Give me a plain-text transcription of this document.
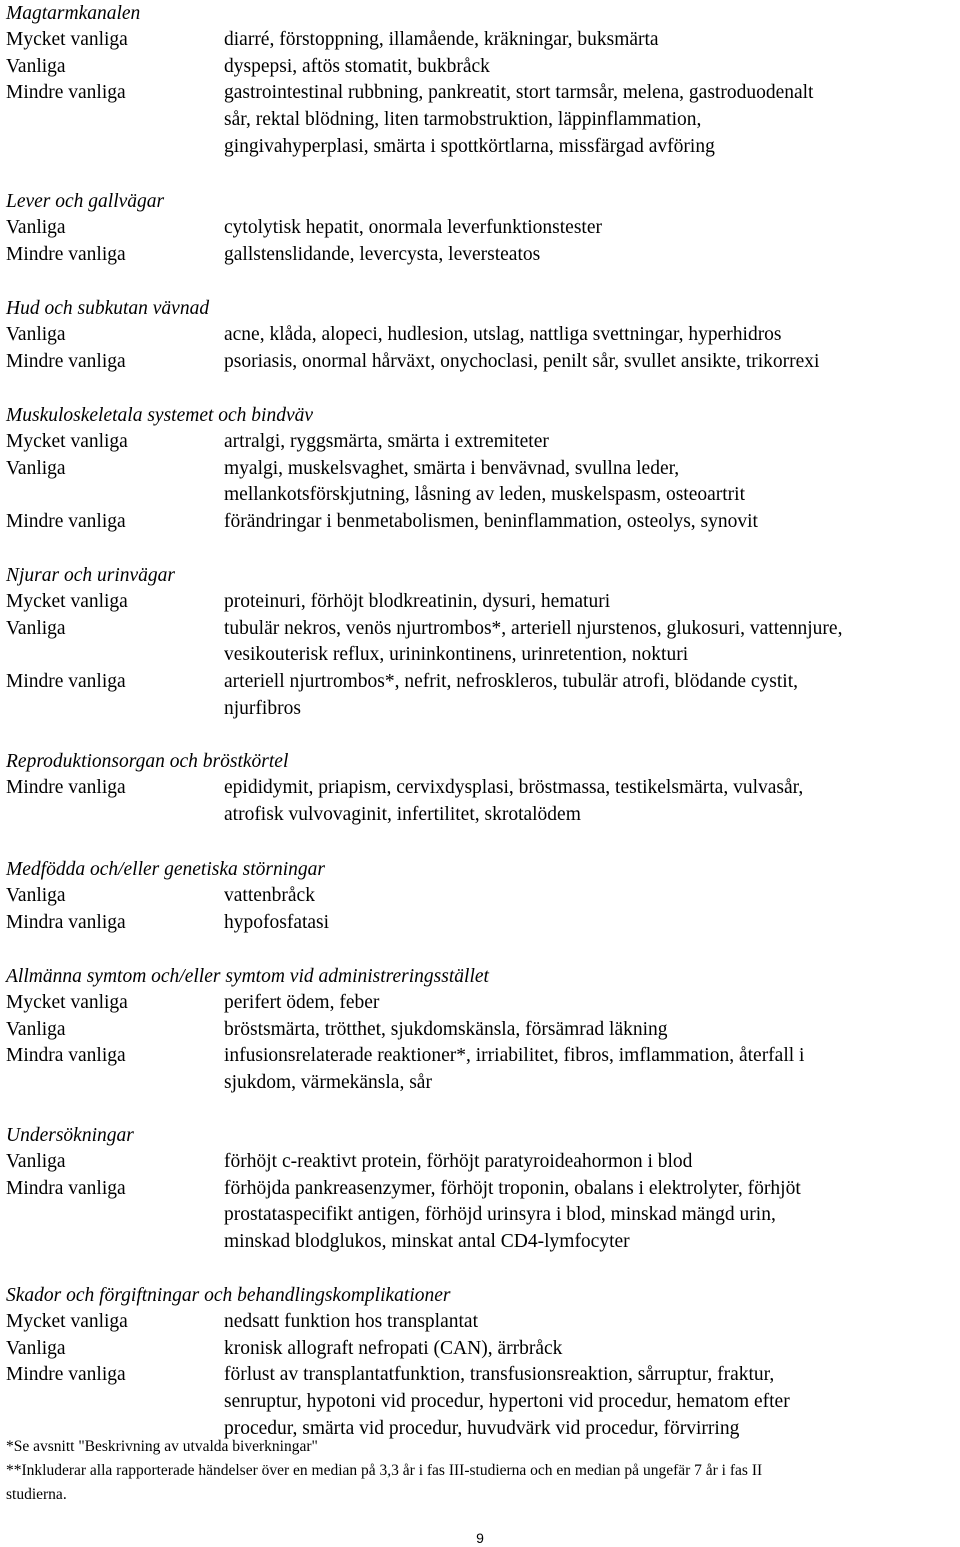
Magtarmkanalen
Mycket vanliga	diarré, förstoppning, illamående, kräkningar, buksmärta
Vanliga	dyspepsi, aftös stomatit, bukbråck
Mindre vanliga	gastrointestinal rubbning, pankreatit, stort tarmsår, melena, gastroduodenalt
sår, rektal blödning, liten tarmobstruktion, läppinflammation,
gingivahyperplasi, smärta i spottkörtlarna, missfärgad avföring
Lever och gallvägar
Vanliga	cytolytisk hepatit, onormala leverfunktionstester
Mindre vanliga	gallstenslidande, levercysta, leversteatos
Hud och subkutan vävnad
Vanliga	acne, klåda, alopeci, hudlesion, utslag, nattliga svettningar, hyperhidros
Mindre vanliga	psoriasis, onormal hårväxt, onychoclasi, penilt sår, svullet ansikte, trikorrexi
Muskuloskeletala systemet och bindväv
Mycket vanliga	artralgi, ryggsmärta, smärta i extremiteter
Vanliga	myalgi, muskelsvaghet, smärta i benvävnad, svullna leder,
mellankotsförskjutning, låsning av leden, muskelspasm, osteoartrit
Mindre vanliga	förändringar i benmetabolismen, beninflammation, osteolys, synovit
Njurar och urinvägar
Mycket vanliga	proteinuri, förhöjt blodkreatinin, dysuri, hematuri
Vanliga	tubulär nekros, venös njurtrombos*, arteriell njurstenos, glukosuri, vattennjure,
vesikouterisk reflux, urininkontinens, urinretention, nokturi
Mindre vanliga	arteriell njurtrombos*, nefrit, nefroskleros, tubulär atrofi, blödande cystit,
njurfibros
Reproduktionsorgan och bröstkörtel
Mindre vanliga	epididymit, priapism, cervixdysplasi, bröstmassa, testikelsmärta, vulvasår,
atrofisk vulvovaginit, infertilitet, skrotalödem
Medfödda och/eller genetiska störningar
Vanliga	vattenbråck
Mindra vanliga	hypofosfatasi
Allmänna symtom och/eller symtom vid administreringsstället
Mycket vanliga	perifert ödem, feber
Vanliga	bröstsmärta, trötthet, sjukdomskänsla, försämrad läkning
Mindra vanliga	infusionsrelaterade reaktioner*, irriabilitet, fibros, imflammation, återfall i
sjukdom, värmekänsla, sår
Undersökningar
Vanliga	förhöjt c-reaktivt protein, förhöjt paratyroideahormon i blod
Mindra vanliga	förhöjda pankreasenzymer, förhöjt troponin, obalans i elektrolyter, förhjöt
prostataspecifikt antigen, förhöjd urinsyra i blod, minskad mängd urin,
minskad blodglukos, minskat antal CD4-lymfocyter
Skador och förgiftningar och behandlingskomplikationer
Mycket vanliga	nedsatt funktion hos transplantat
Vanliga	kronisk allograft nefropati (CAN), ärrbråck
Mindre vanliga	förlust av transplantatfunktion, transfusionsreaktion, sårruptur, fraktur,
senruptur, hypotoni vid procedur, hypertoni vid procedur, hematom efter
procedur, smärta vid procedur, huvudvärk vid procedur, förvirring
*Se avsnitt "Beskrivning av utvalda biverkningar"
**Inkluderar alla rapporterade händelser över en median på 3,3 år i fas III-studierna och en median på ungefär 7 år i fas II
studierna.
9
